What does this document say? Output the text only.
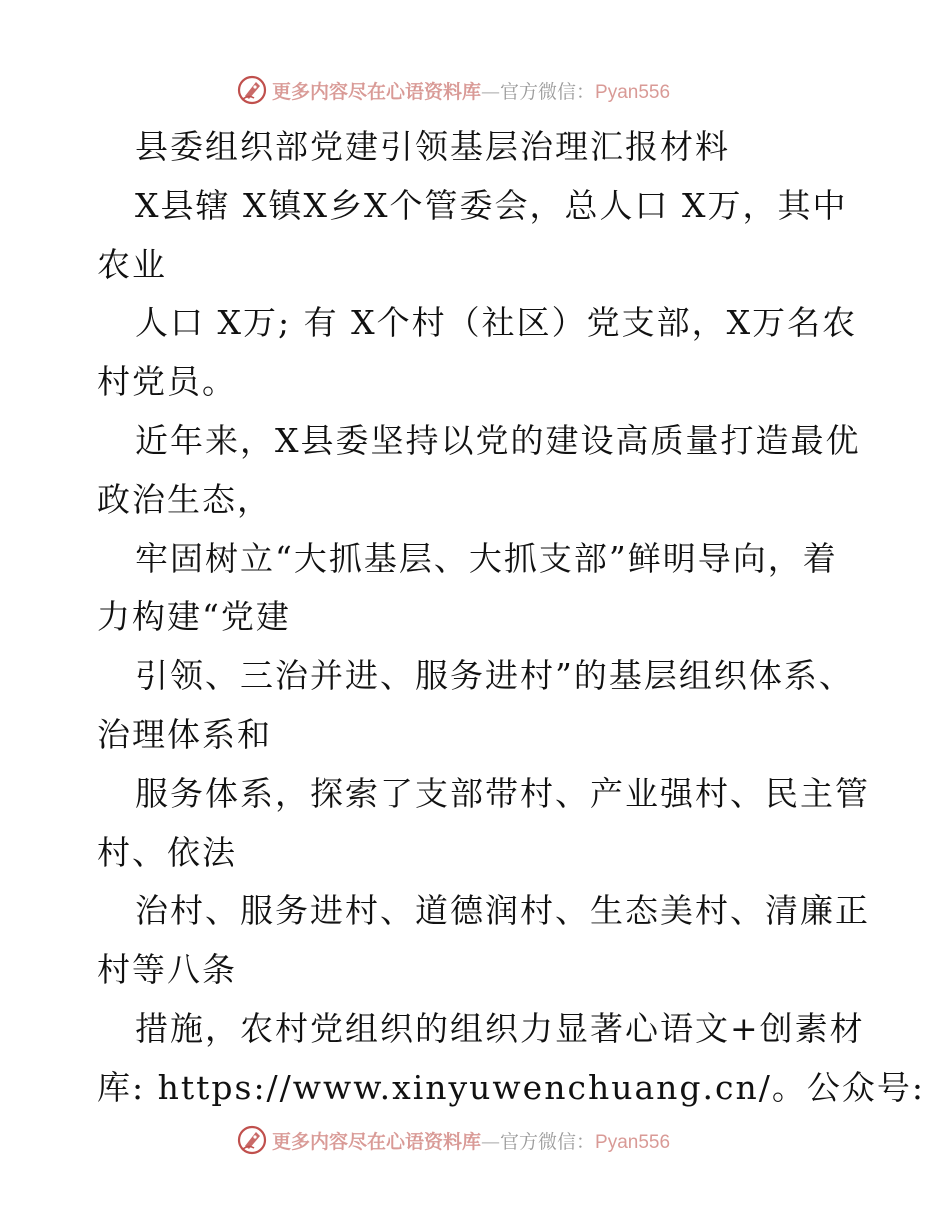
更多内容尽在心语资料库—官方微信：Pyan556
县委组织部党建引领基层治理汇报材料
X县辖 X镇X乡X个管委会，总人口 X万，其中
农业
人口 X万; 有 X个村（社区）党支部，X万名农
村党员。
近年来，X县委坚持以党的建设高质量打造最优
政治生态，
牢固树立“大抓基层、大抓支部”鲜明导向，着
力构建“党建
引领、三治并进、服务进村”的基层组织体系、
治理体系和
服务体系，探索了支部带村、产业强村、民主管
村、依法
治村、服务进村、道德润村、生态美村、清廉正
村等八条
措施，农村党组织的组织力显著心语文+创素材
库: https://www.xinyuwenchuang.cn/。公众号:
更多内容尽在心语资料库—官方微信：Pyan556
